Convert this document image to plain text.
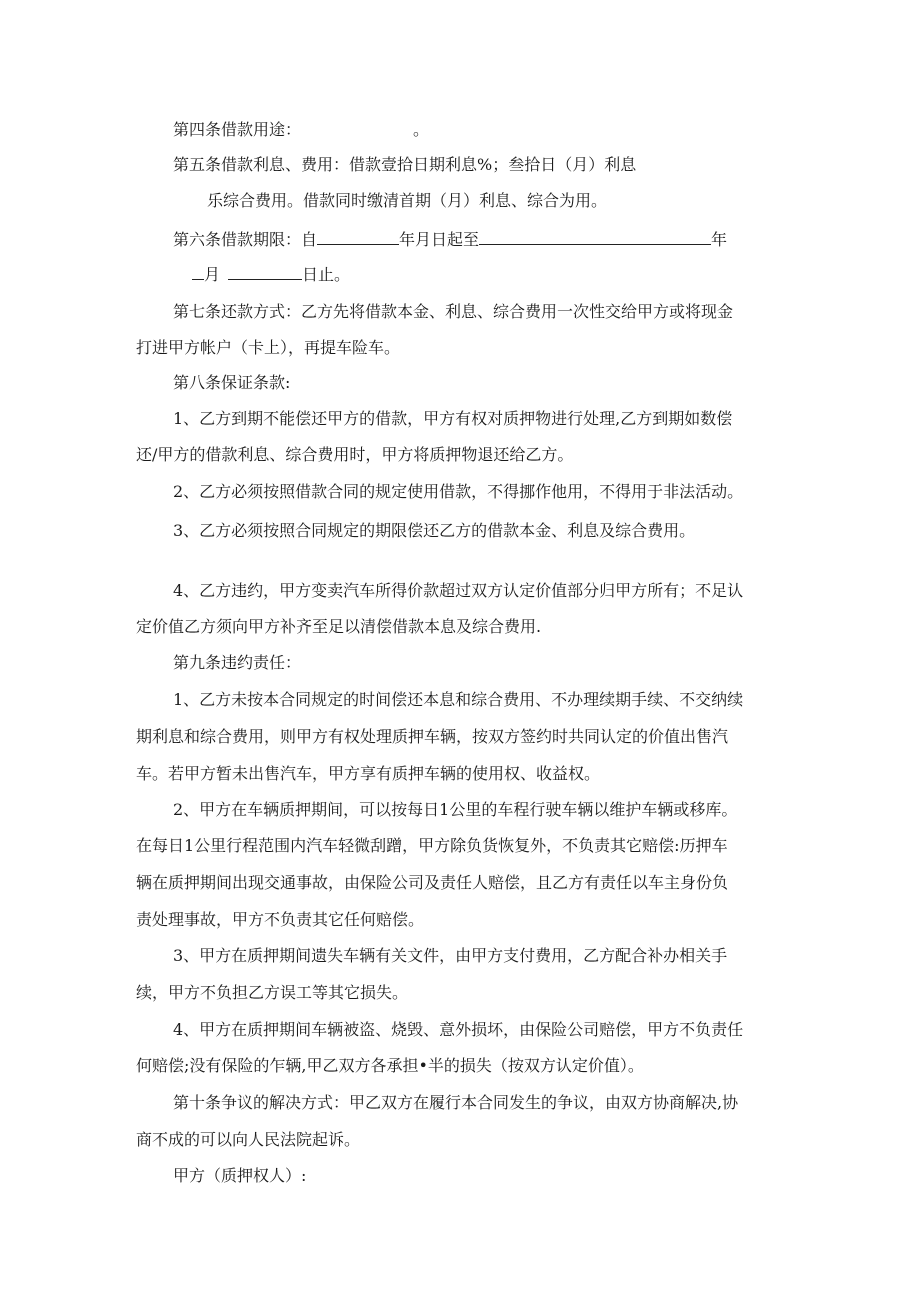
第四条借款用途：	。
第五条借款利息、费用：借款壹拾日期利息%；叁拾日（月）利息
乐综合费用。借款同时缴清首期（月）利息、综合为用。
第六条借款期限：自	年月日起至	年
月	日止。
第七条还款方式：乙方先将借款本金、利息、综合费用一次性交给甲方或将现金
打进甲方帐户（卡上），再提车险车。
第八条保证条款:
1、乙方到期不能偿还甲方的借款，甲方有权对质押物进行处理,乙方到期如数偿
还/甲方的借款利息、综合费用时，甲方将质押物退还给乙方。
2、乙方必须按照借款合同的规定使用借款，不得挪作他用，不得用于非法活动。
3、乙方必须按照合同规定的期限偿还乙方的借款本金、利息及综合费用。
4、乙方违约，甲方变卖汽车所得价款超过双方认定价值部分归甲方所有；不足认
定价值乙方须向甲方补齐至足以清偿借款本息及综合费用.
第九条违约责任：
1、乙方未按本合同规定的时间偿还本息和综合费用、不办理续期手续、不交纳续
期利息和综合费用，则甲方有权处理质押车辆，按双方签约时共同认定的价值出售汽
车。若甲方暂未出售汽车，甲方享有质押车辆的使用权、收益权。
2、甲方在车辆质押期间，可以按每日1公里的车程行驶车辆以维护车辆或移库。
在每日1公里行程范围内汽车轻微刮蹭，甲方除负货恢复外，不负责其它赔偿:历押车
辆在质押期间出现交通事故，由保险公司及责任人赔偿，且乙方有责任以车主身份负
责处理事故，甲方不负责其它任何赔偿。
3、甲方在质押期间遗失车辆有关文件，由甲方支付费用，乙方配合补办相关手
续，甲方不负担乙方误工等其它损失。
4、甲方在质押期间车辆被盗、烧毁、意外损坏，由保险公司赔偿，甲方不负责任
何赔偿;没有保险的乍辆,甲乙双方各承担•半的损失（按双方认定价值）。
第十条争议的解决方式：甲乙双方在履行本合同发生的争议，由双方协商解决,协
商不成的可以向人民法院起诉。
甲方（质押权人）:
